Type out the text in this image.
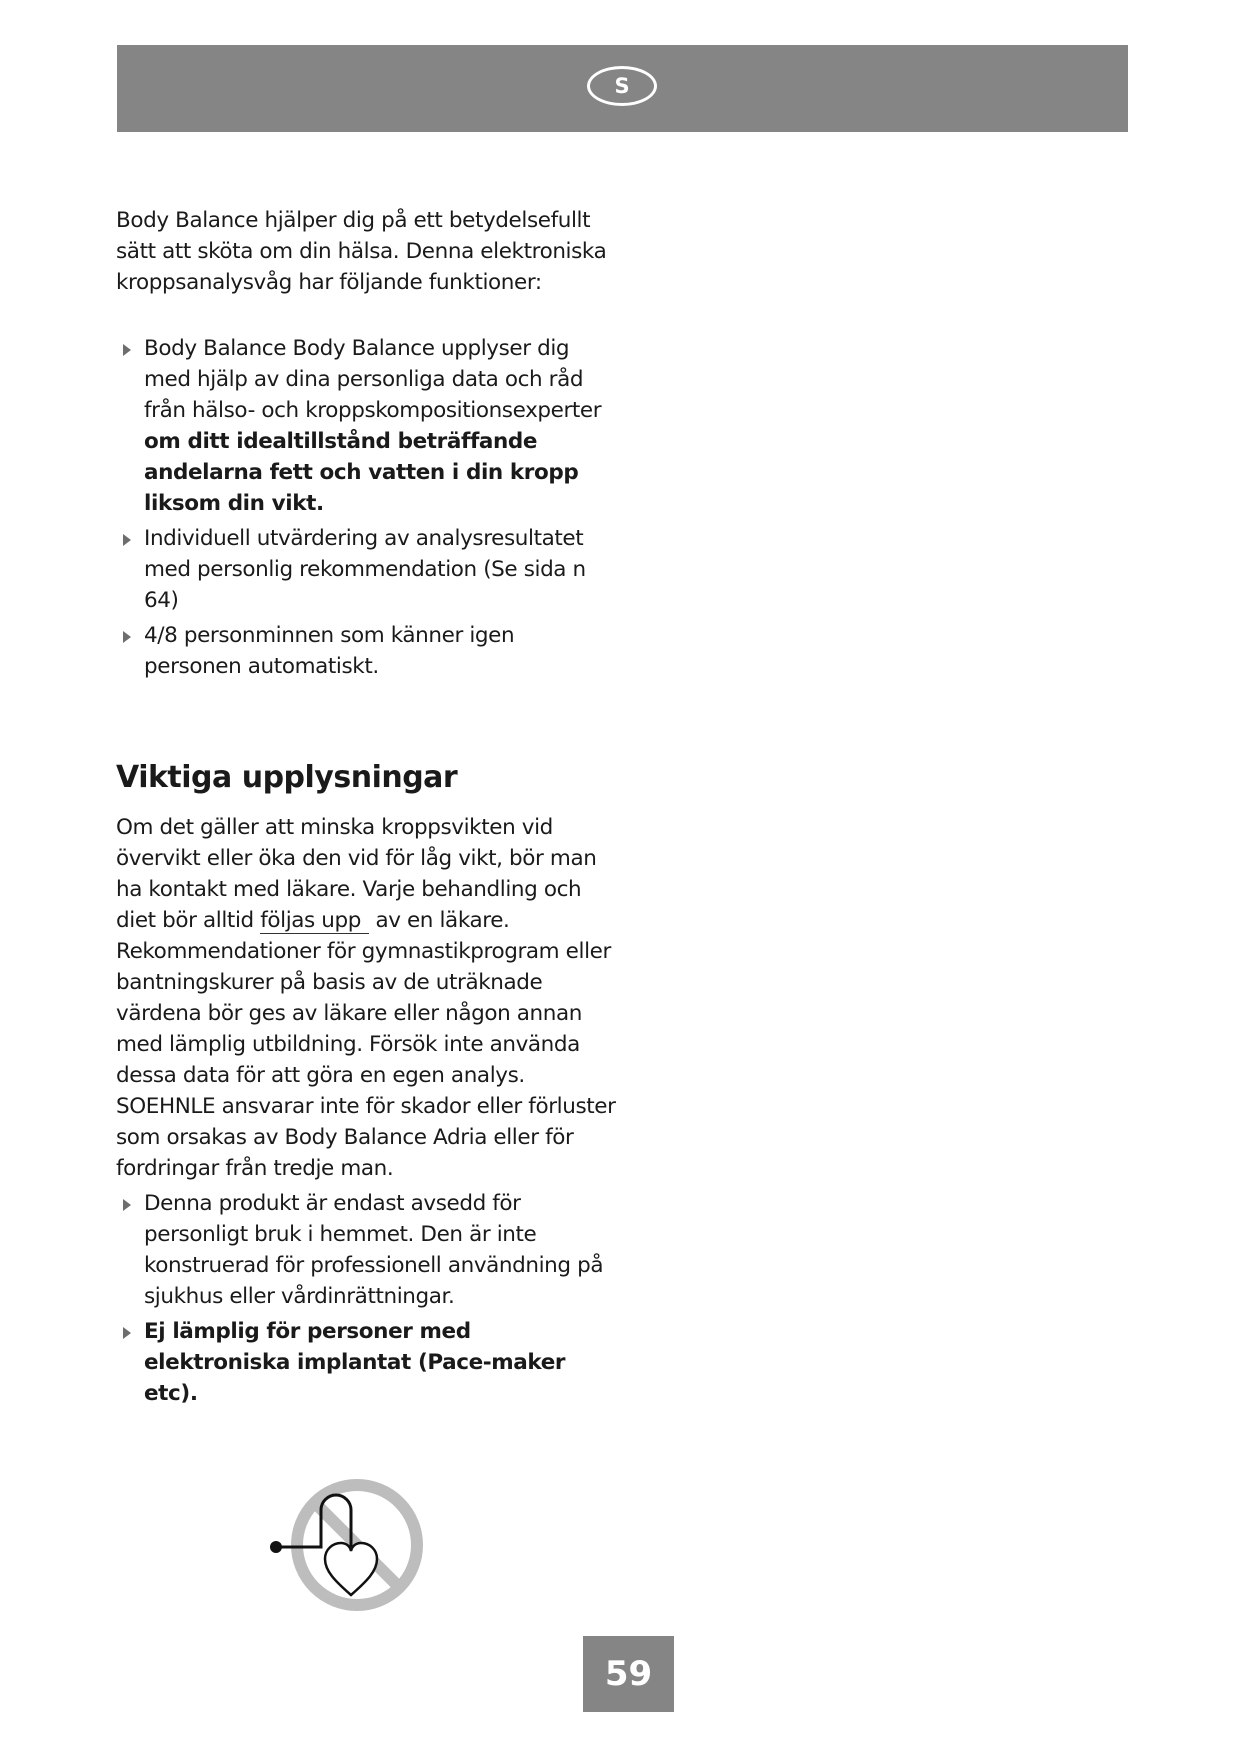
S

Body Balance hjälper dig på ett betydelsefullt sätt att sköta om din hälsa. Denna elektroniska kroppsanalysvåg har följande funktioner:

Body Balance Body Balance upplyser dig med hjälp av dina personliga data och råd från hälso- och kroppskompositionsexperter om ditt idealtillstånd beträffande andelarna fett och vatten i din kropp liksom din vikt.
Individuell utvärdering av analysresultatet med personlig rekommendation (Se sida n 64)
4/8 personminnen som känner igen personen automatiskt.
Viktiga upplysningar

Om det gäller att minska kroppsvikten vid övervikt eller öka den vid för låg vikt, bör man ha kontakt med läkare. Varje behandling och diet bör alltid följas upp av en läkare.

Rekommendationer för gymnastikprogram eller bantningskurer på basis av de uträknade värdena bör ges av läkare eller någon annan med lämplig utbildning. Försök inte använda dessa data för att göra en egen analys.

SOEHNLE ansvarar inte för skador eller förluster som orsakas av Body Balance Adria eller för fordringar från tredje man.

Denna produkt är endast avsedd för personligt bruk i hemmet. Den är inte konstruerad för professionell användning på sjukhus eller vårdinrättningar.
Ej lämplig för personer med elektroniska implantat (Pace-maker etc).
59
